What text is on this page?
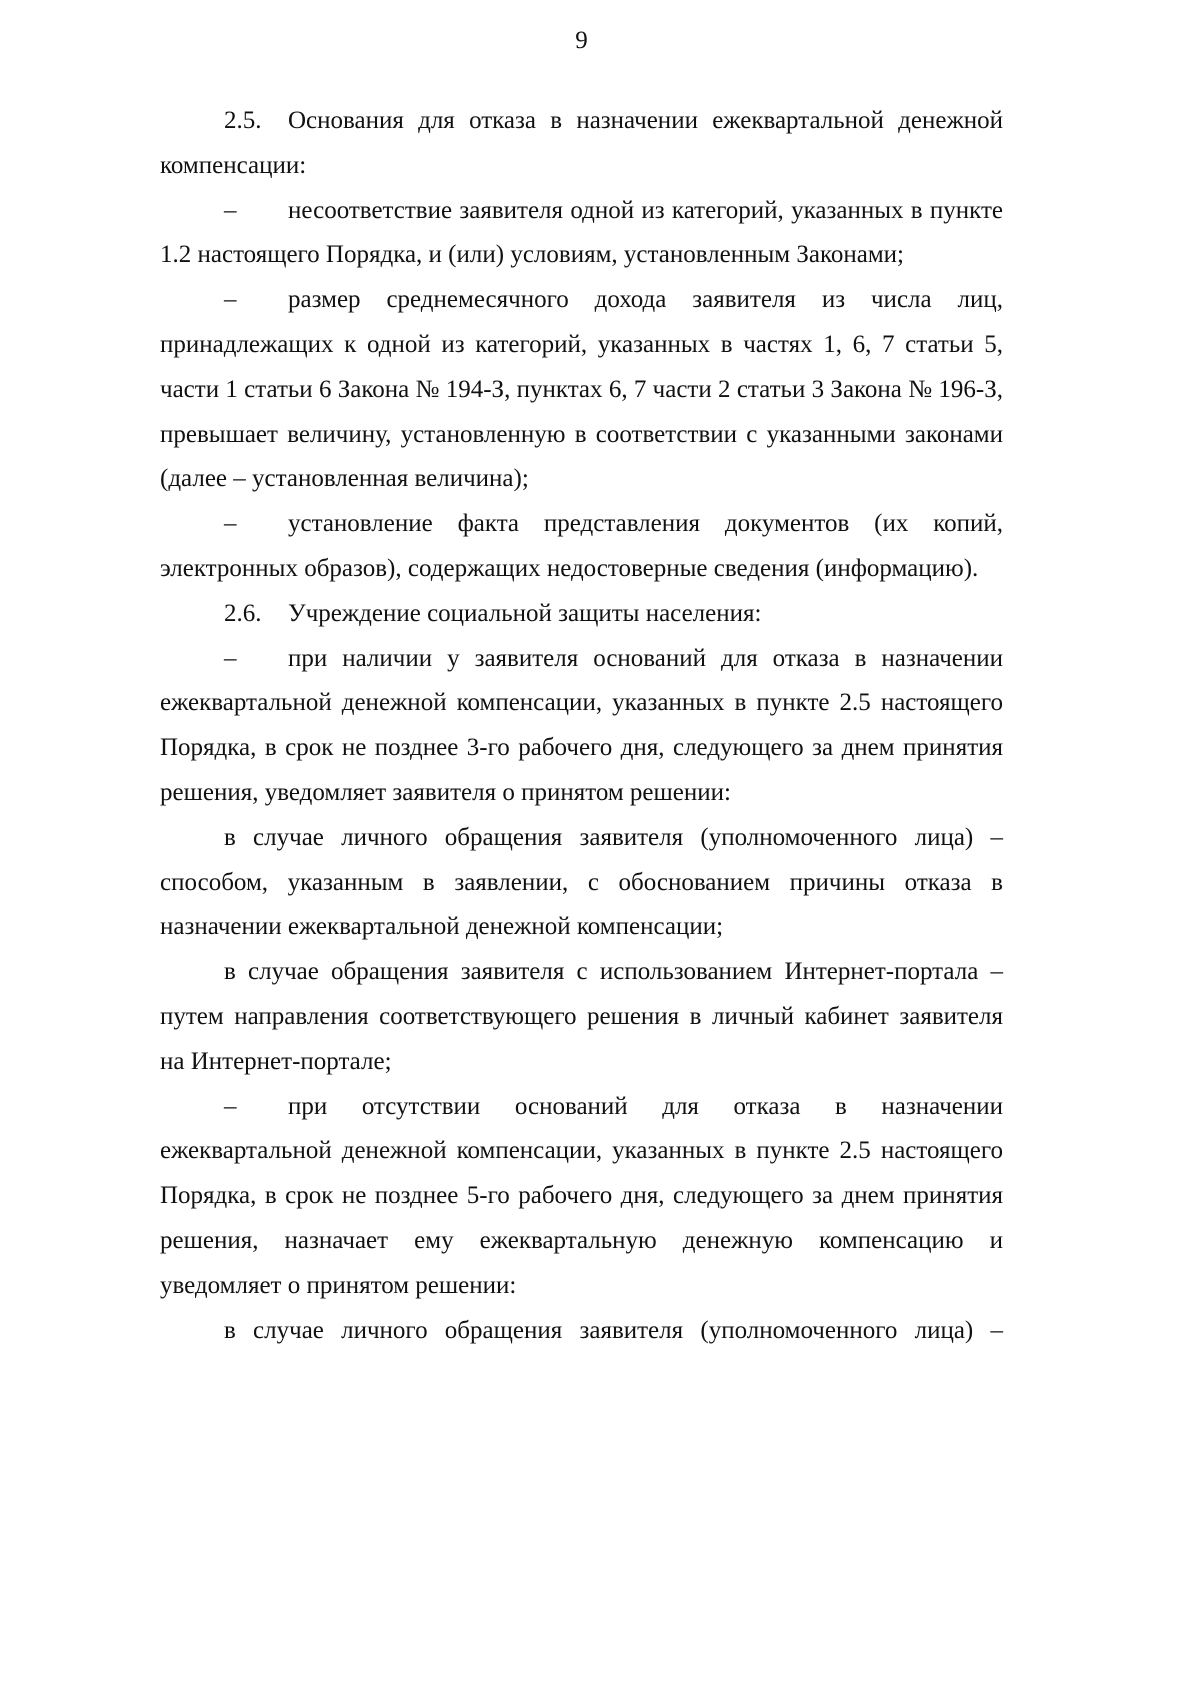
9

2.5. Основания для отказа в назначении ежеквартальной денежной компенсации:

– несоответствие заявителя одной из категорий, указанных в пункте 1.2 настоящего Порядка, и (или) условиям, установленным Законами;

– размер среднемесячного дохода заявителя из числа лиц, принадлежащих к одной из категорий, указанных в частях 1, 6, 7 статьи 5, части 1 статьи 6 Закона № 194-З, пунктах 6, 7 части 2 статьи 3 Закона № 196-З, превышает величину, установленную в соответствии с указанными законами (далее – установленная величина);

– установление факта представления документов (их копий, электронных образов), содержащих недостоверные сведения (информацию).

2.6. Учреждение социальной защиты населения:

– при наличии у заявителя оснований для отказа в назначении ежеквартальной денежной компенсации, указанных в пункте 2.5 настоящего Порядка, в срок не позднее 3-го рабочего дня, следующего за днем принятия решения, уведомляет заявителя о принятом решении:

в случае личного обращения заявителя (уполномоченного лица) – способом, указанным в заявлении, с обоснованием причины отказа в назначении ежеквартальной денежной компенсации;

в случае обращения заявителя с использованием Интернет-портала – путем направления соответствующего решения в личный кабинет заявителя на Интернет-портале;

– при отсутствии оснований для отказа в назначении ежеквартальной денежной компенсации, указанных в пункте 2.5 настоящего Порядка, в срок не позднее 5-го рабочего дня, следующего за днем принятия решения, назначает ему ежеквартальную денежную компенсацию и уведомляет о принятом решении:

в случае личного обращения заявителя (уполномоченного лица) –
